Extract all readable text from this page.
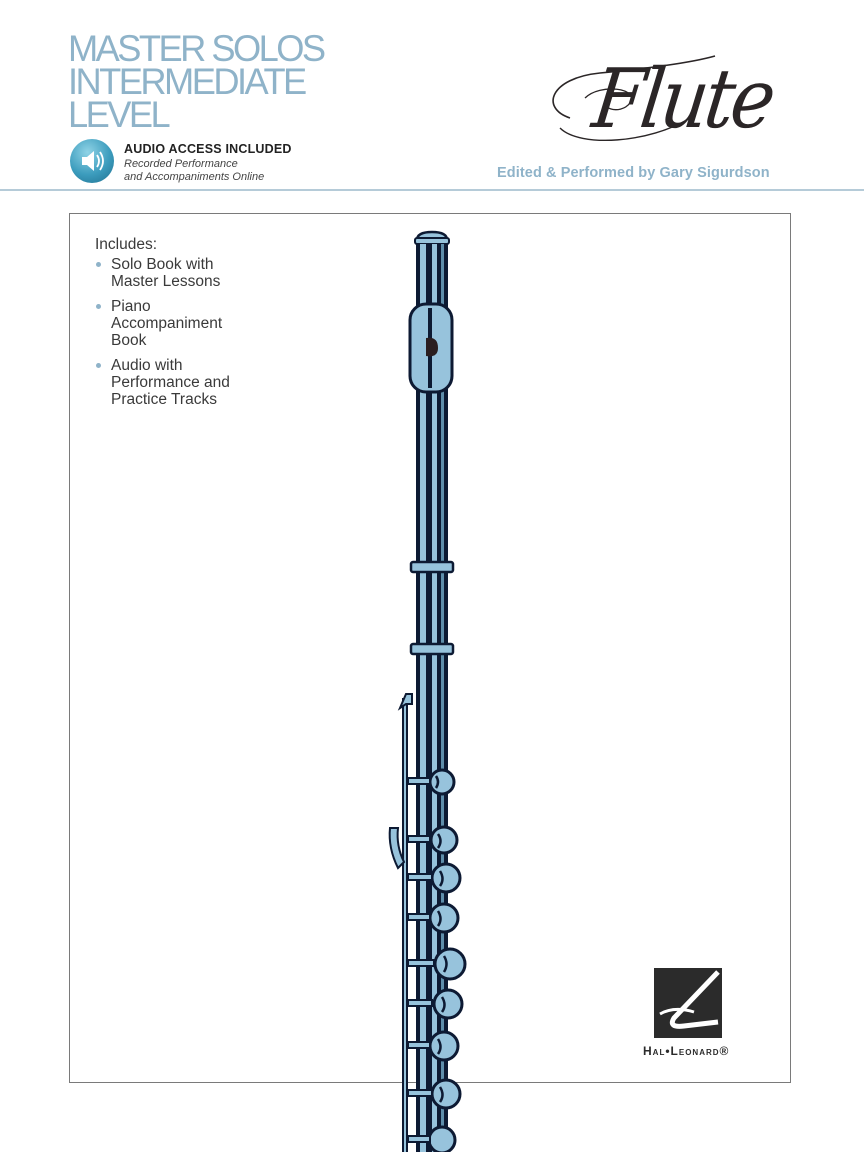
MASTER SOLOS
INTERMEDIATE
LEVEL
AUDIO ACCESS INCLUDED
Recorded Performance
and Accompaniments Online
Flute
Edited & Performed by Gary Sigurdson
Includes:
Solo Book with
Master Lessons
Piano
Accompaniment
Book
Audio with
Performance and
Practice Tracks
Hal•Leonard®
